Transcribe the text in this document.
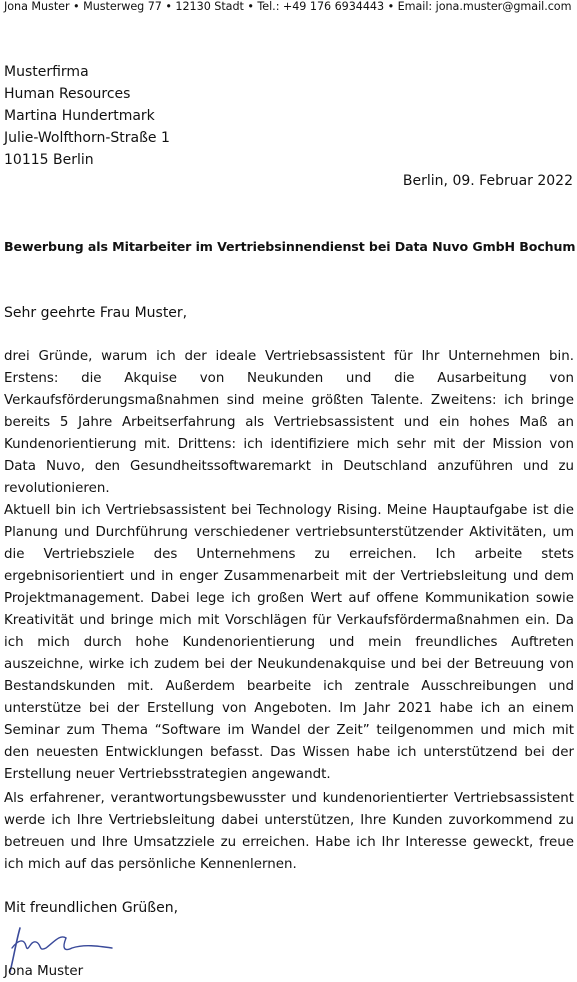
Jona Muster • Musterweg 77 • 12130 Stadt • Tel.: +49 176 6934443 • Email: jona.muster@gmail.com
Musterfirma
Human Resources
Martina Hundertmark
Julie-Wolfthorn-Straße 1
10115 Berlin
Berlin, 09. Februar 2022
Bewerbung als Mitarbeiter im Vertriebsinnendienst bei Data Nuvo GmbH Bochum
Sehr geehrte Frau Muster,
drei Gründe, warum ich der ideale Vertriebsassistent für Ihr Unternehmen bin. Erstens: die Akquise von Neukunden und die Ausarbeitung von Verkaufsförderungsmaßnahmen sind meine größten Talente. Zweitens: ich bringe bereits 5 Jahre Arbeitserfahrung als Vertriebsassistent und ein hohes Maß an Kundenorientierung mit. Drittens: ich identifiziere mich sehr mit der Mission von Data Nuvo, den Gesundheitssoftwaremarkt in Deutschland anzuführen und zu revolutionieren.
Aktuell bin ich Vertriebsassistent bei Technology Rising. Meine Hauptaufgabe ist die Planung und Durchführung verschiedener vertriebsunterstützender Aktivitäten, um die Vertriebsziele des Unternehmens zu erreichen. Ich arbeite stets ergebnisorientiert und in enger Zusammenarbeit mit der Vertriebsleitung und dem Projektmanagement. Dabei lege ich großen Wert auf offene Kommunikation sowie Kreativität und bringe mich mit Vorschlägen für Verkaufsfördermaßnahmen ein. Da ich mich durch hohe Kundenorientierung und mein freundliches Auftreten auszeichne, wirke ich zudem bei der Neukundenakquise und bei der Betreuung von Bestandskunden mit. Außerdem bearbeite ich zentrale Ausschreibungen und unterstütze bei der Erstellung von Angeboten. Im Jahr 2021 habe ich an einem Seminar zum Thema “Software im Wandel der Zeit” teilgenommen und mich mit den neuesten Entwicklungen befasst. Das Wissen habe ich unterstützend bei der Erstellung neuer Vertriebsstrategien angewandt.
Als erfahrener, verantwortungsbewusster und kundenorientierter Vertriebsassistent werde ich Ihre Vertriebsleitung dabei unterstützen, Ihre Kunden zuvorkommend zu betreuen und Ihre Umsatzziele zu erreichen. Habe ich Ihr Interesse geweckt, freue ich mich auf das persönliche Kennenlernen.
Mit freundlichen Grüßen,
Jona Muster
